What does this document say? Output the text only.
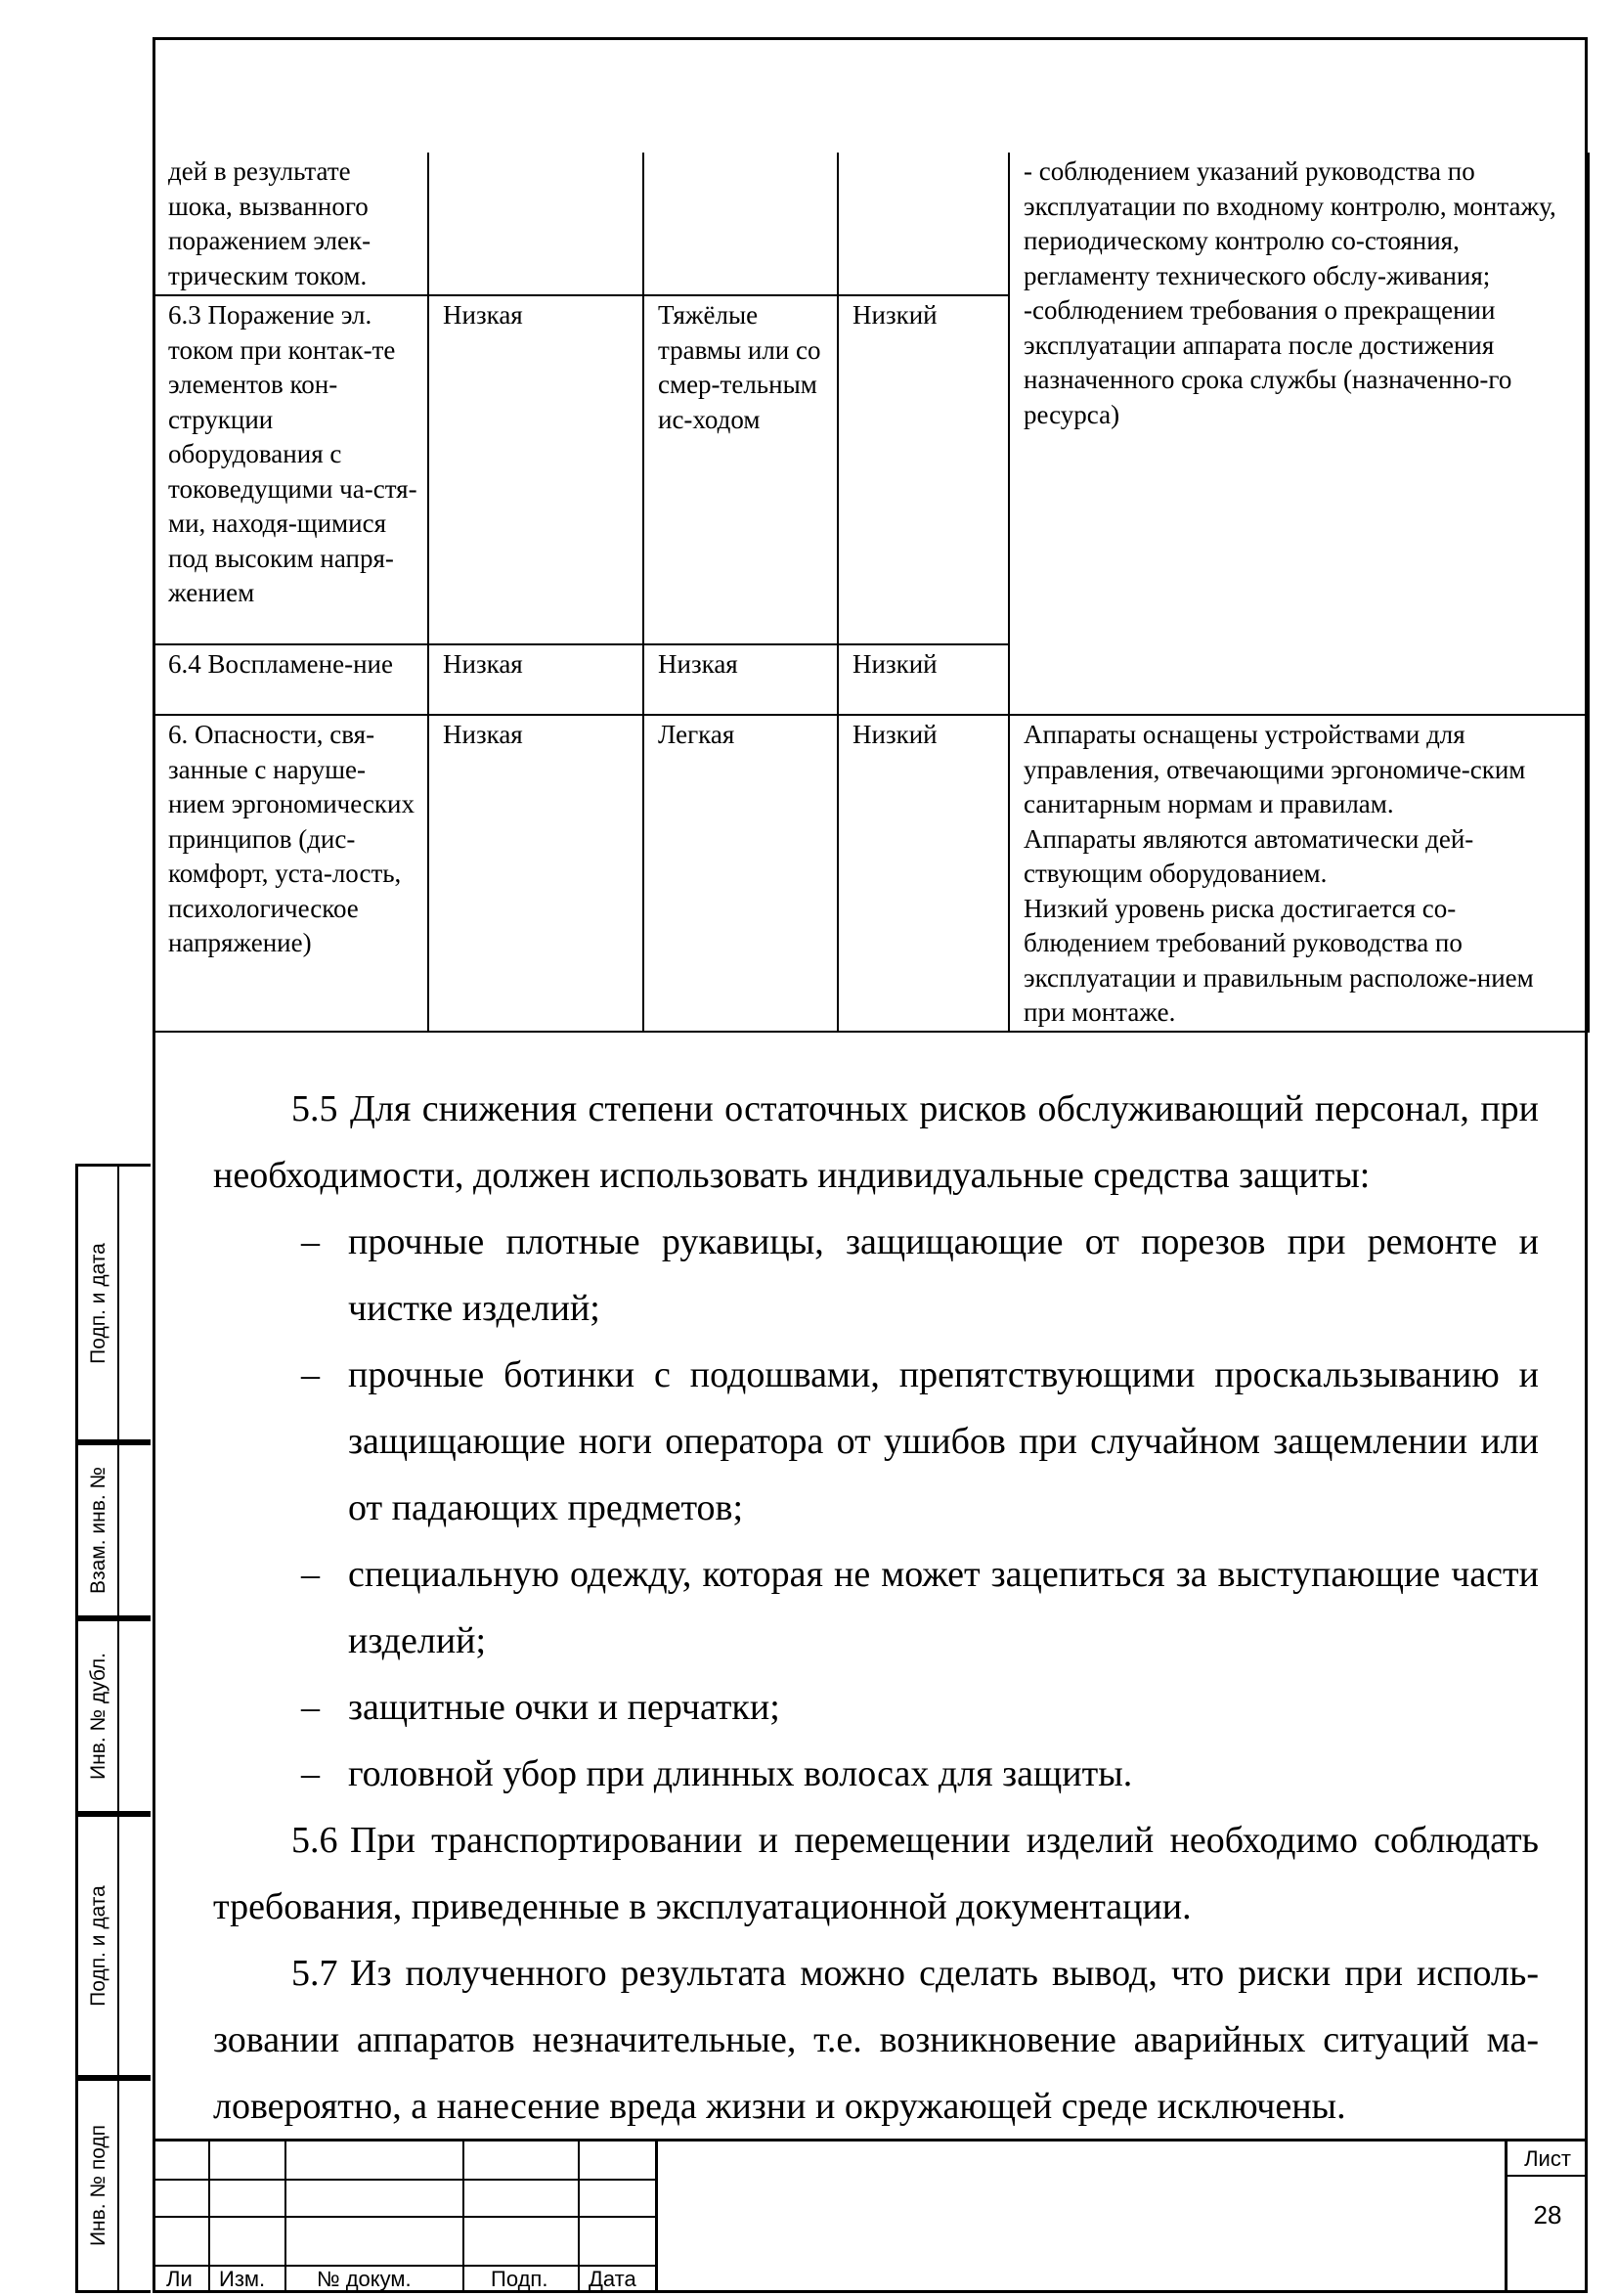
Подп. и дата
Взам. инв. №
Инв. № дубл.
Подп. и дата
Инв. № подп
дей в результате шока, вызванного поражением элек-трическим током.				- соблюдением указаний руководства по эксплуатации по входному контролю, монтажу, периодическому контролю со-стояния, регламенту технического обслу-живания;
-соблюдением требования о прекращении эксплуатации аппарата после достижения назначенного срока службы (назначенно-го ресурса)
6.3 Поражение эл. током при контак-те элементов кон-струкции оборудования с токоведущими ча-стя-ми, находя-щимися под высоким напря-жением	Низкая	Тяжёлые травмы или со смер-тельным ис-ходом	Низкий	
6.4 Воспламене-ние	Низкая	Низкая	Низкий	
6. Опасности, свя-занные с наруше-нием эргономических принципов (дис-комфорт, уста-лость, психологическое напряжение)	Низкая	Легкая	Низкий	Аппараты оснащены устройствами для управления, отвечающими эргономиче-ским санитарным нормам и правилам.
Аппараты являются автоматически дей-ствующим оборудованием.
Низкий уровень риска достигается со-блюдением требований руководства по эксплуатации и правильным расположе-нием при монтаже.

5.5 Для снижения степени остаточных рисков обслуживающий персонал, при необходимости, должен использовать индивидуальные средства защиты:

– прочные плотные рукавицы, защищающие от порезов при ремонте и чистке изделий;

– прочные ботинки с подошвами, препятствующими проскальзыванию и защищающие ноги оператора от ушибов при случайном защемлении или от падающих предметов;

– специальную одежду, которая не может зацепиться за выступающие части изделий;

– защитные очки и перчатки;

– головной убор при длинных волосах для защиты.

5.6 При транспортировании и перемещении изделий необходимо соблюдать требования, приведенные в эксплуатационной документации.

5.7 Из полученного результата можно сделать вывод, что риски при исполь-зовании аппаратов незначительные, т.е. возникновение аварийных ситуаций ма-ловероятно, а нанесение вреда жизни и окружающей среде исключены.

Ли Изм. № докум.	Подп. Дата
Лист
28
